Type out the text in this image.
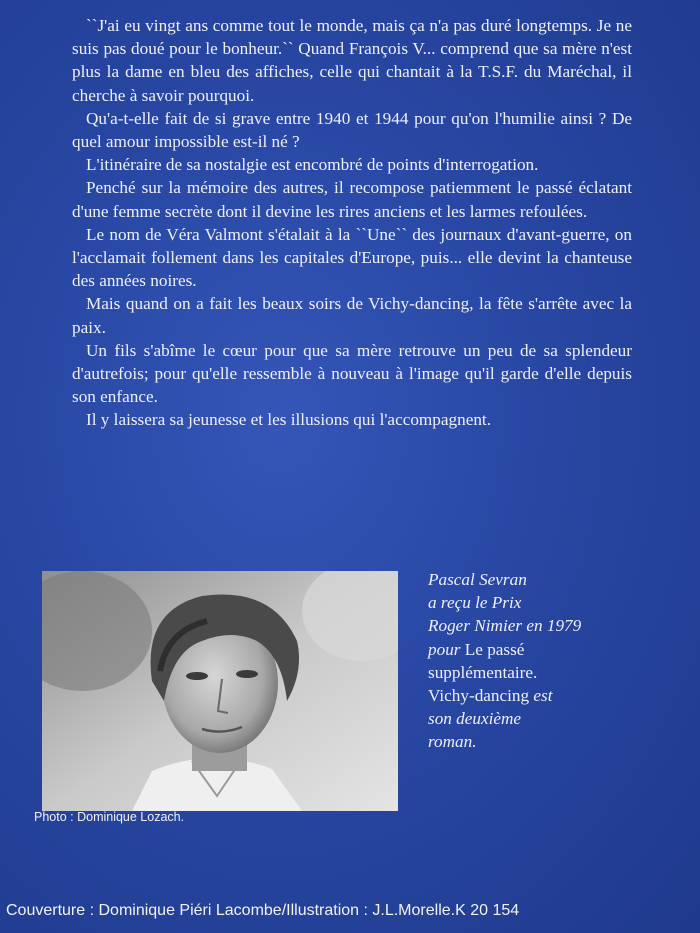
``J'ai eu vingt ans comme tout le monde, mais ça n'a pas duré longtemps. Je ne suis pas doué pour le bonheur.`` Quand François V... comprend que sa mère n'est plus la dame en bleu des affiches, celle qui chantait à la T.S.F. du Maréchal, il cherche à savoir pourquoi.

Qu'a-t-elle fait de si grave entre 1940 et 1944 pour qu'on l'humilie ainsi ? De quel amour impossible est-il né ?

L'itinéraire de sa nostalgie est encombré de points d'interrogation.

Penché sur la mémoire des autres, il recompose patiemment le passé éclatant d'une femme secrète dont il devine les rires anciens et les larmes refoulées.

Le nom de Véra Valmont s'étalait à la ``Une`` des journaux d'avant-guerre, on l'acclamait follement dans les capitales d'Europe, puis... elle devint la chanteuse des années noires.

Mais quand on a fait les beaux soirs de Vichy-dancing, la fête s'arrête avec la paix.

Un fils s'abîme le cœur pour que sa mère retrouve un peu de sa splendeur d'autrefois; pour qu'elle ressemble à nouveau à l'image qu'il garde d'elle depuis son enfance.

Il y laissera sa jeunesse et les illusions qui l'accompagnent.

Photo : Dominique Lozach.
Pascal Sevran
a reçu le Prix
Roger Nimier en 1979
pour Le passé
supplémentaire.
Vichy-dancing est
son deuxième
roman.
Couverture : Dominique Piéri Lacombe/Illustration : J.L.Morelle.K 20 154
